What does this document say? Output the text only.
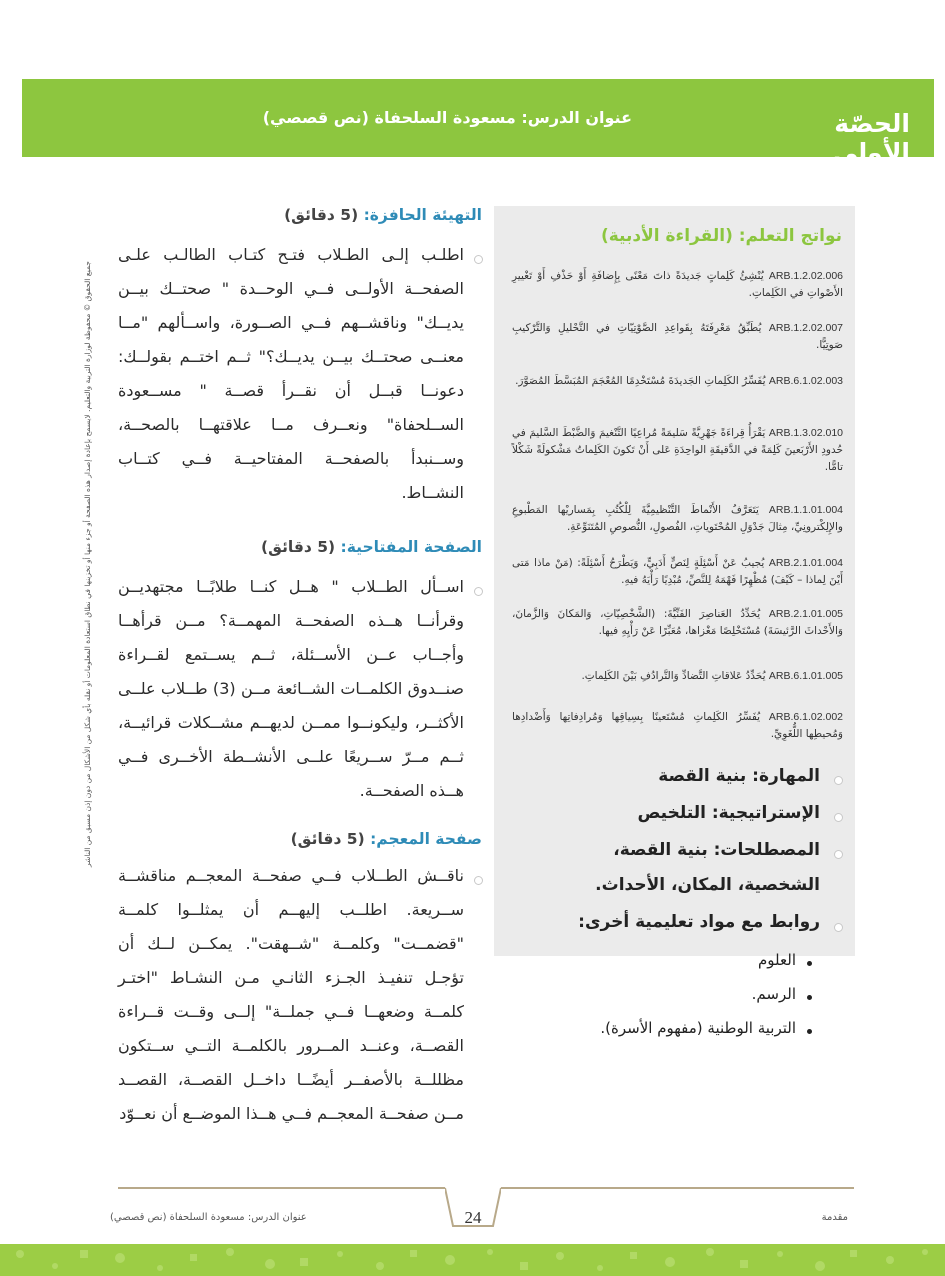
الحصّة الأولى
عنوان الدرس: مسعودة السلحفاة (نص قصصي)
جميع الحقوق © محفوظة لوزارة التربية والتعليم. لايسمح بإعادة إصدار هذه الصفحة أو جزء منها أو تخزينها في نطاق استعادة المعلومات أو نقله بأي شكل من الأشكال من دون إذن مسبق من الناشر
التهيئة الحافزة: (5 دقائق)
اطلـب إلـى الطـلاب فتـح كتـاب الطالـب علـى الصفحــة الأولــى فــي الوحــدة " صحتــك بيــن يديــك" وناقشــهم فــي الصــورة، واســألهم "مــا معنــى صحتــك بيــن يديــك؟" ثــم اختــم بقولــك: دعونــا قبــل أن نقــرأ قصــة " مســعودة الســلحفاة" ونعــرف مــا علاقتهــا بالصحــة، وســنبدأ بالصفحــة المفتاحيــة فــي كتــاب النشــاط.
الصفحة المفتاحية: (5 دقائق)
اســأل الطــلاب " هــل كنــا طلابًــا مجتهديــن وقرأنــا هــذه الصفحــة المهمــة؟ مــن قرأهــا وأجــاب عــن الأســئلة، ثــم يســتمع لقــراءة صنــدوق الكلمــات الشــائعة مــن (3) طــلاب علــى الأكثــر، وليكونــوا ممــن لديهــم مشــكلات قرائيــة، ثــم مــرّ ســريعًا علــى الأنشــطة الأخــرى فــي هــذه الصفحــة.
صفحة المعجم: (5 دقائق)
ناقــش الطــلاب فــي صفحــة المعجــم مناقشــة ســريعة. اطلــب إليهــم أن يمثلــوا كلمــة "قضمــت" وكلمــة "شــهقت". يمكــن لــك أن تؤجـل تنفيـذ الجـزء الثانـي مـن النشـاط "اختـر كلمــة وضعهــا فــي جملــة" إلــى وقــت قــراءة القصــة، وعنــد المــرور بالكلمــة التــي ســتكون مظللــة بالأصفــر أيضًــا داخــل القصــة، القصــد مــن صفحــة المعجــم فــي هــذا الموضــع أن نعــوّد
نواتج التعلم: (القراءة الأدبية)
ARB.1.2.02.006 يُنْشِئُ كَلِماتٍ جَديدَةً ذاتَ مَعْنًى بِإِضافَةِ أَوْ حَذْفِ أَوْ تَغْييرِ الأَصْواتِ في الكَلِماتِ.
ARB.1.2.02.007 يُطَبِّقُ مَعْرِفَتَهُ بِقَواعِدِ الصَّوْتِيّاتِ في التَّحْليلِ وَالتَّرْكيبِ صَوتِيًّا.
ARB.6.1.02.003 يُفَسِّرُ الكَلِماتِ الجَديدَةَ مُسْتَخْدِمًا المُعْجَمَ المُبَسَّطَ المُصَوَّرَ.
ARB.1.3.02.010 يَقْرَأُ قِراءَةً جَهْرِيَّةً سَليمَةً مُراعِيًا التَّنْغيمَ وَالضَّبْطَ السَّليمَ في حُدودِ الأَرْبَعينَ كَلِمَةً في الدَّقيقَةِ الواحِدَةِ عَلى أَنْ تَكونَ الكَلِماتُ مَشْكولَةً شَكْلاً تامًّا.
ARB.1.1.01.004 يَتَعَرَّفُ الأَنْماطَ التَّنْظيمِيَّةَ لِلْكُتُبِ بِمَساريْها المَطْبوعِ والإِلِكْترونِيِّ، مِثالَ جَدْوَلِ المُحْتَوياتِ، الفُصولِ، النُّصوصِ المُتَنَوِّعَةِ.
ARB.2.1.01.004 يُجيبُ عَنْ أَسْئِلَةٍ لِنَصٍّ أَدَبِيٍّ، وَيَطْرَحُ أَسْئِلَةً: (مَنْ ماذا مَتى أَيْنَ لِماذا – كَيْفَ) مُظْهِرًا فَهْمَهُ لِلنَّصِّ، مُبْدِيًا رَأْيَهُ فيهِ.
ARB.2.1.01.005 يُحَدِّدُ العَناصِرَ الفَنِّيَّةَ: (الشَّخْصِيّاتِ، وَالمَكانَ وَالزَّمانَ، وَالأَحْداثَ الرَّئيسَةَ) مُسْتَخْلِصًا مَغْزاها، مُعَبِّرًا عَنْ رَأْيِهِ فيها.
ARB.6.1.01.005 يُحَدِّدُ عَلاقاتِ التَّضادِّ وَالتَّرادُفِ بَيْنَ الكَلِماتِ.
ARB.6.1.02.002 يُفَسِّرُ الكَلِماتِ مُسْتَعينًا بِسِياقِها وَمُرادِفاتِها وَأَضْدادِها وَمُحيطِها اللُّغَوِيِّ.
المهارة: بنية القصة
الإستراتيجية: التلخيص
المصطلحات: بنية القصة،
الشخصية، المكان، الأحداث.
روابط مع مواد تعليمية أخرى:
العلوم
الرسم.
التربية الوطنية (مفهوم الأسرة).
24
عنوان الدرس: مسعودة السلحفاة (نص قصصي)	مقدمة
